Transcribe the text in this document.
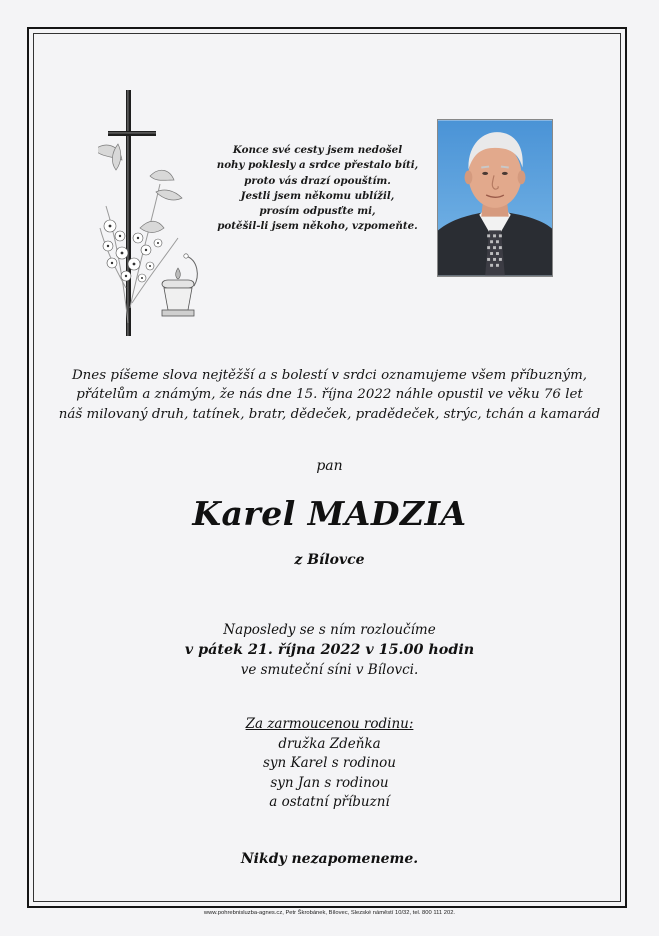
Konce své cesty jsem nedošel
nohy poklesly a srdce přestalo bíti,
proto vás drazí opouštím.
Jestli jsem někomu ublížil,
prosím odpusťte mi,
potěšil-li jsem někoho, vzpomeňte.
Dnes píšeme slova nejtěžší a s bolestí v srdci oznamujeme všem příbuzným,
přátelům a známým, že nás dne 15. října 2022 náhle opustil ve věku 76 let
náš milovaný druh, tatínek, bratr, dědeček, pradědeček, strýc, tchán a kamarád
pan
Karel MADZIA
z Bílovce
Naposledy se s ním rozloučíme
v pátek 21. října 2022 v 15.00 hodin
ve smuteční síni v Bílovci.
Za zarmoucenou rodinu:
družka Zdeňka
syn Karel s rodinou
syn Jan s rodinou
a ostatní příbuzní
Nikdy nezapomeneme.
www.pohrebnisluzba-agnes.cz, Petr Škrobánek, Bílovec, Slezské náměstí 10/32, tel. 800 111 202.
